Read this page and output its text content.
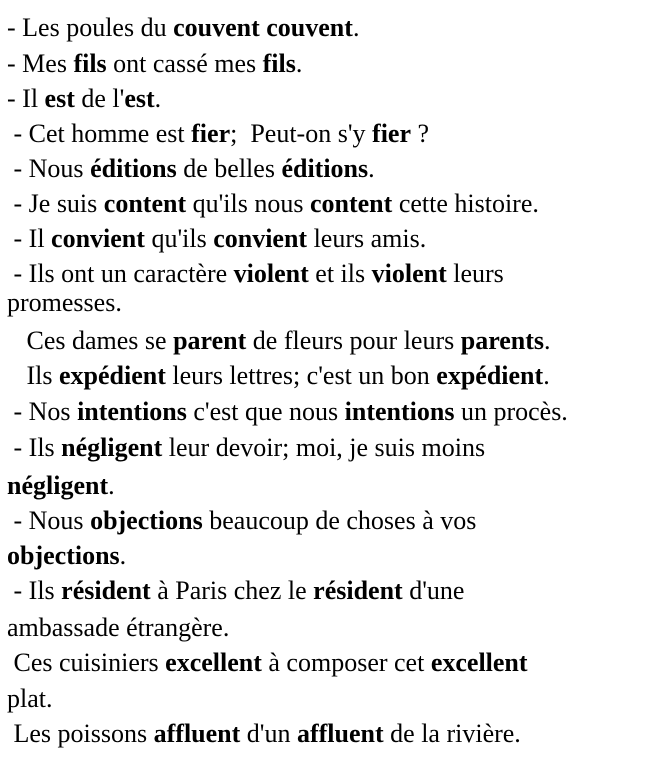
- Les poules du couvent couvent.
- Mes fils ont cassé mes fils.
- Il est de l'est.
- Cet homme est fier;  Peut-on s'y fier ?
- Nous éditions de belles éditions.
- Je suis content qu'ils nous content cette histoire.
- Il convient qu'ils convient leurs amis.
- Ils ont un caractère violent et ils violent leurs
promesses.
Ces dames se parent de fleurs pour leurs parents.
Ils expédient leurs lettres; c'est un bon expédient.
- Nos intentions c'est que nous intentions un procès.
- Ils négligent leur devoir; moi, je suis moins
négligent.
- Nous objections beaucoup de choses à vos
objections.
- Ils résident à Paris chez le résident d'une
ambassade étrangère.
Ces cuisiniers excellent à composer cet excellent
plat.
Les poissons affluent d'un affluent de la rivière.
